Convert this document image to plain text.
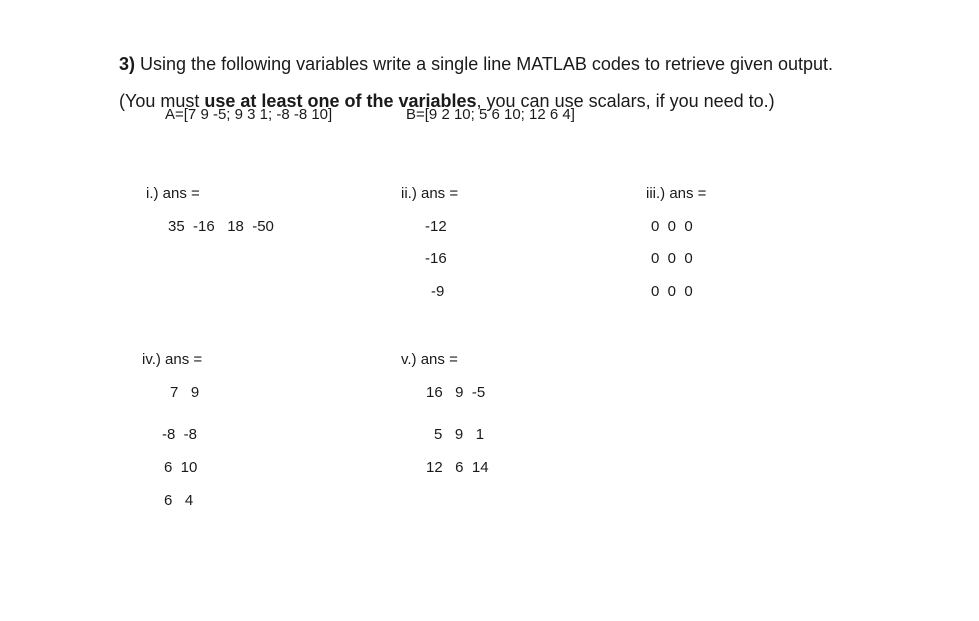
3) Using the following variables write a single line MATLAB codes to retrieve given output.

(You must use at least one of the variables, you can use scalars, if you need to.)

A=[7 9 -5; 9 3 1; -8 -8 10]	B=[9 2 10; 5 6 10; 12 6 4]
i.) ans =
35  -16   18  -50
ii.) ans =
-12
-16
-9
iii.) ans =
0  0  0
0  0  0
0  0  0
iv.) ans =
7   9
-8  -8
6  10
6   4
v.) ans =
16   9  -5
5   9   1
12   6  14
